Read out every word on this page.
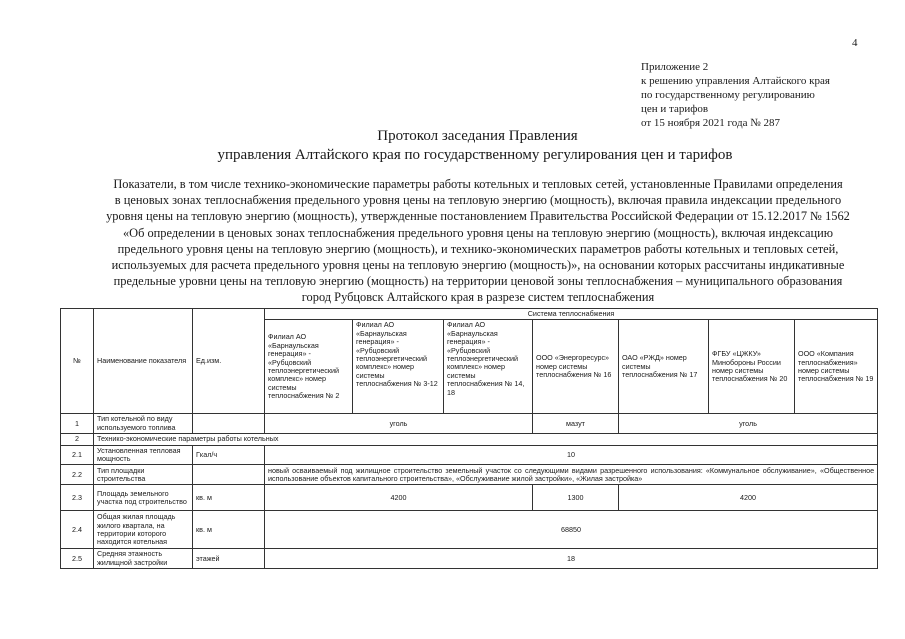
4
Приложение 2
к решению управления Алтайского края
по государственному регулированию
цен и тарифов
от 15 ноября 2021 года № 287
Протокол заседания Правления
управления Алтайского края по государственному регулирования цен и тарифов
Показатели, в том числе технико-экономические параметры работы котельных и тепловых сетей, установленные Правилами определения
в ценовых зонах теплоснабжения предельного уровня цены на тепловую энергию (мощность), включая правила индексации предельного
уровня цены на тепловую энергию (мощность), утвержденные постановлением Правительства Российской Федерации от 15.12.2017 № 1562
«Об определении в ценовых зонах теплоснабжения предельного уровня цены на тепловую энергию (мощность), включая индексацию
предельного уровня цены на тепловую энергию (мощность), и технико-экономических параметров работы котельных и тепловых сетей,
используемых для расчета предельного уровня цены на тепловую энергию (мощность)», на основании которых рассчитаны индикативные
предельные уровни цены на тепловую энергию (мощность) на территории ценовой зоны теплоснабжения – муниципального образования
город Рубцовск Алтайского края в разрезе систем теплоснабжения
№	Наименование показателя	Ед.изм.	Система теплоснабжения						
			Филиал АО «Барнаульская генерация» - «Рубцовский теплоэнергетический комплекс» номер системы теплоснабжения № 2	Филиал АО «Барнаульская генерация» - «Рубцовский теплоэнергетический комплекс» номер системы теплоснабжения № 3-12	Филиал АО «Барнаульская генерация» - «Рубцовский теплоэнергетический комплекс» номер системы теплоснабжения № 14, 18	ООО «Энергоресурс» номер системы теплоснабжения № 16	ОАО «РЖД» номер системы теплоснабжения № 17	ФГБУ «ЦЖКУ» Минобороны России номер системы теплоснабжения № 20	ООО «Компания теплоснабжения» номер системы теплоснабжения № 19
1	Тип котельной по виду используемого топлива		уголь			мазут	уголь		
2	Технико-экономические параметры работы котельных								
2.1	Установленная тепловая мощность	Гкал/ч	10						
2.2	Тип площадки строительства		новый осваиваемый под жилищное строительство земельный участок со следующими видами разрешенного использования: «Коммунальное обслуживание», «Общественное использование объектов капитального строительства», «Обслуживание жилой застройки», «Жилая застройка»						
2.3	Площадь земельного участка под строительство	кв. м	4200			1300	4200		
2.4	Общая жилая площадь жилого квартала, на территории которого находится котельная	кв. м	68850						
2.5	Средняя этажность жилищной застройки	этажей	18						
